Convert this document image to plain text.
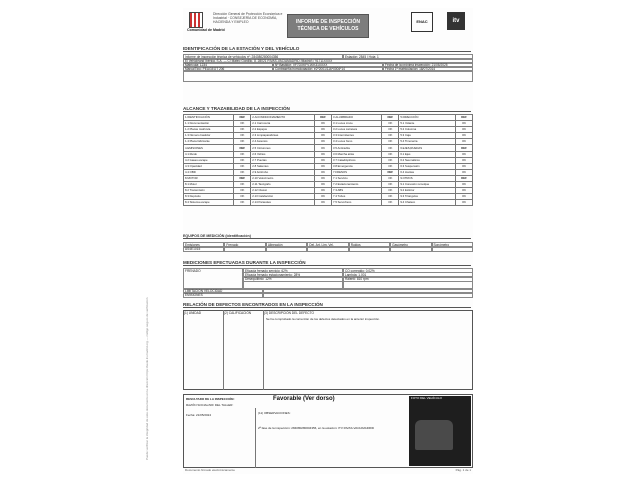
Puede verificar la integridad de este documento en la dirección https://sede.itv.madrid.org — código seguro de verificación
Comunidad de Madrid
Dirección General de Protección Económica e Industrial · CONSEJERÍA DE ECONOMÍA, HACIENDA Y EMPLEO	INFORME DE INSPECCIÓN
TÉCNICA DE VEHÍCULOS
ENAC	itv
IDENTIFICACIÓN DE LA ESTACIÓN Y DEL VEHÍCULO
Informe de inspección técnica de vehículos nº: 284080280004356	Estación: 2845 | Hoja: 1
El Vehicleand Ibérica, S.A. — C/ Mateo Gordillo, 8, 28021 RIVAS-VACIAMADRID (Madrid) / 91711XXXX
Matrícula: 1234	Nº Bastidor: VF7DXKFV1KK31XXXX	Fecha de la próxima inspección: 21/05/2025
Marca/Tipo: PEUGEOT 206	Contraseña homologación: e2*2001/116*0004*14	Fecha 1ª matriculación: 18/07/2014
ALCANCE Y TRAZABILIDAD DE LA INSPECCIÓN
1.IDENTIFICACIÓN	DEF	2.ACONDICIONAMIENTO	DEF	3.ALUMBRADO	DEF	5.DIRECCIÓN	DEF
1.1 Documentación	OK	2.1 Carrocería	OK	3.1 Luces cruce	OK	5.1 Volante	OK
1.2 Placas matrícula	OK	2.2 Espejos	OK	3.2 Luces carretera	OK	5.2 Columna	OK
1.3 Número bastidor	OK	2.3 Limpiaparabrisas	OK	3.3 Intermitentes	OK	5.3 Caja	OK
1.4 Placa fabricante	OK	2.4 Asientos	OK	3.4 Luces freno	OK	5.4 Timonería	OK
4.EMISIONES	DEF	2.5 Cinturones	OK	3.5 Antiniebla	OK	6.EJES,RUEDAS	DEF
4.1 Ruido	OK	2.6 Vidrios	OK	3.6 Marcha atrás	OK	6.1 Ejes	OK
4.2 Gases escape	OK	2.7 Puertas	OK	3.7 Catadióptricos	OK	6.2 Neumáticos	OK
4.3 Opacidad	OK	2.8 Salientes	OK	3.8 Emergencia	OK	6.3 Suspensión	OK
4.4 OBD	OK	2.9 Antirrobo	OK	7.FRENOS	DEF	6.4 Llantas	OK
8.MOTOR	DEF	2.10 Velocímetro	OK	7.1 Servicio	OK	9.OTROS	DEF
8.1 Motor	OK	2.11 Tacógrafo	OK	7.2 Estacionamiento	OK	9.1 Conexión remolque	OK
8.2 Transmisión	OK	2.12 Claxon	OK	7.3 ABS	OK	9.2 Extintor	OK
8.3 Depósito	OK	2.13 Calefacción	OK	7.4 Tubos	OK	9.3 Triángulos	OK
8.4 Sistema escape	OK	2.14 Parasoles	OK	7.5 Servofreno	OK	9.4 Chaleco	OK
EQUIPOS DE MEDICIÓN (identificación)
Emisiones	Frenado	Alineación	Del. Art. Lim. Vel.	Ruidos	Gasómetro	Sonómetro
AS4E1015
MEDICIONES EFECTUADAS DURANTE LA INSPECCIÓN
FRENADO	Eficacia frenado servicio: 62%	CO corregido: 0,02%
Eficacia frenado estacionamiento: 28%	Lambda: 1,001
Desequilibrio: 12%	Ralentí: 810 rpm
LIMITACIÓN VELOCIDAD
EMISIONES
RELACIÓN DE DEFECTOS ENCONTRADOS EN LA INSPECCIÓN
(1) UNIDAD	(2) CALIFICACIÓN	(3) DESCRIPCIÓN DEL DEFECTO
Se ha comprobado la corrección de los defectos detectados en la anterior inspección.
RESULTADO DE LA INSPECCIÓN:	Favorable (Ver dorso)
RAZÓN SOCIAL/NIF DEL TALLER:
Fecha: 21/05/2024	(11) OBSERVACIONES:
2ª fase de la inspección: 284080280004356, en la estación: ITV RIVAS-VACIAMADRID
FOTO DEL VEHÍCULO
Documento firmado electrónicamente	Pág. 1 de 1
